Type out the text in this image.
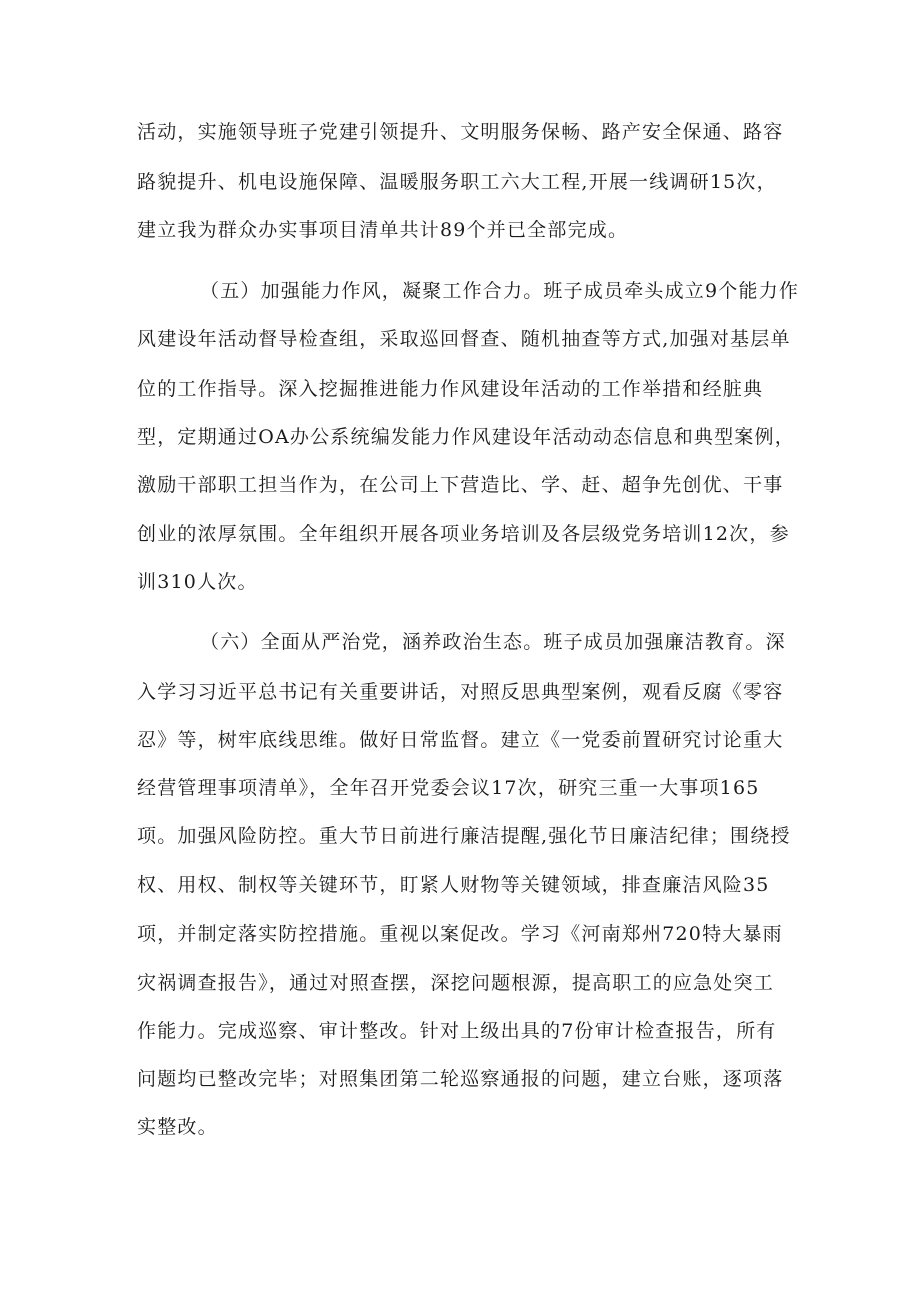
活动，实施领导班子党建引领提升、文明服务保畅、路产安全保通、路容
路貌提升、机电设施保障、温暖服务职工六大工程,开展一线调研15次，
建立我为群众办实事项目清单共计89个并已全部完成。
（五）加强能力作风，凝聚工作合力。班子成员牵头成立9个能力作
风建设年活动督导检查组，采取巡回督查、随机抽查等方式,加强对基层单
位的工作指导。深入挖掘推进能力作风建设年活动的工作举措和经脏典
型，定期通过OA办公系统编发能力作风建设年活动动态信息和典型案例，
激励干部职工担当作为，在公司上下营造比、学、赶、超争先创优、干事
创业的浓厚氛围。全年组织开展各项业务培训及各层级党务培训12次，参
训310人次。
（六）全面从严治党，涵养政治生态。班子成员加强廉洁教育。深
入学习习近平总书记有关重要讲话，对照反思典型案例，观看反腐《零容
忍》等，树牢底线思维。做好日常监督。建立《一党委前置研究讨论重大
经营管理事项清单》，全年召开党委会议17次，研究三重一大事项165
项。加强风险防控。重大节日前进行廉洁提醒,强化节日廉洁纪律；围绕授
权、用权、制权等关键环节，盯紧人财物等关键领域，排查廉洁风险35
项，并制定落实防控措施。重视以案促改。学习《河南郑州720特大暴雨
灾祸调查报告》，通过对照查摆，深挖问题根源，提高职工的应急处突工
作能力。完成巡察、审计整改。针对上级出具的7份审计检查报告，所有
问题均已整改完毕；对照集团第二轮巡察通报的问题，建立台账，逐项落
实整改。
